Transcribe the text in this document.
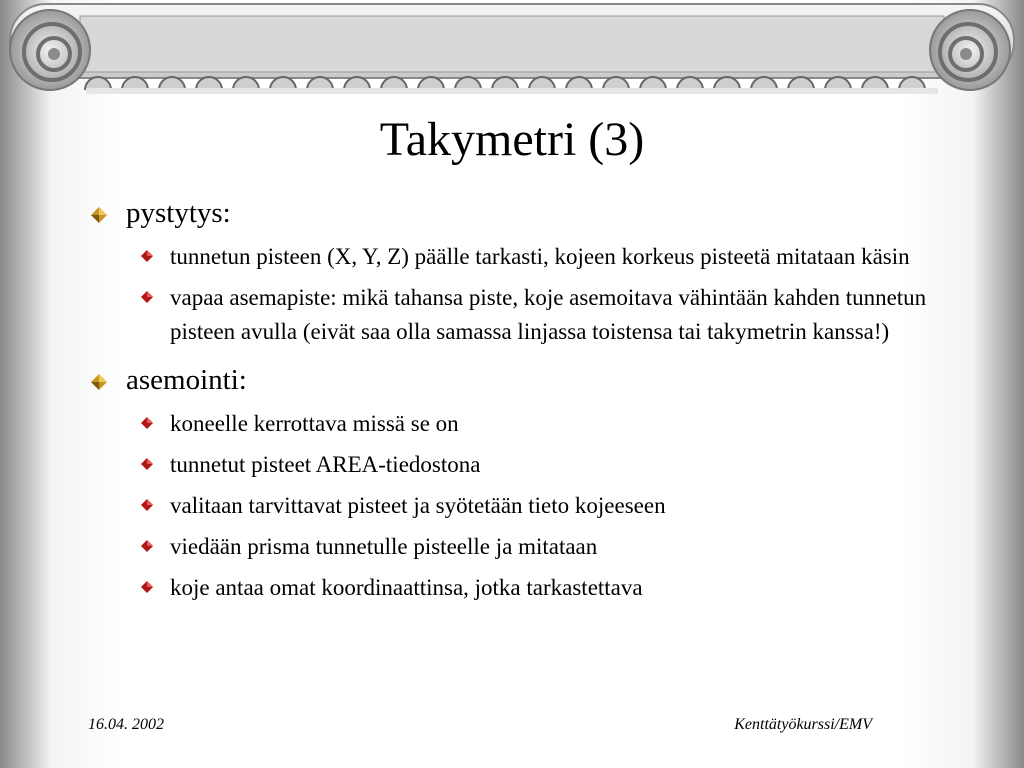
Takymetri (3)
pystytys:
tunnetun pisteen (X, Y, Z) päälle tarkasti, kojeen korkeus pisteetä mitataan käsin
vapaa asemapiste: mikä tahansa piste, koje asemoitava vähintään kahden tunnetun pisteen avulla (eivät saa olla samassa linjassa toistensa tai takymetrin kanssa!)
asemointi:
koneelle kerrottava missä se on
tunnetut pisteet AREA-tiedostona
valitaan tarvittavat pisteet ja syötetään tieto kojeeseen
viedään prisma tunnetulle pisteelle ja mitataan
koje antaa omat koordinaattinsa, jotka tarkastettava
16.04. 2002	Kenttätyökurssi/EMV
